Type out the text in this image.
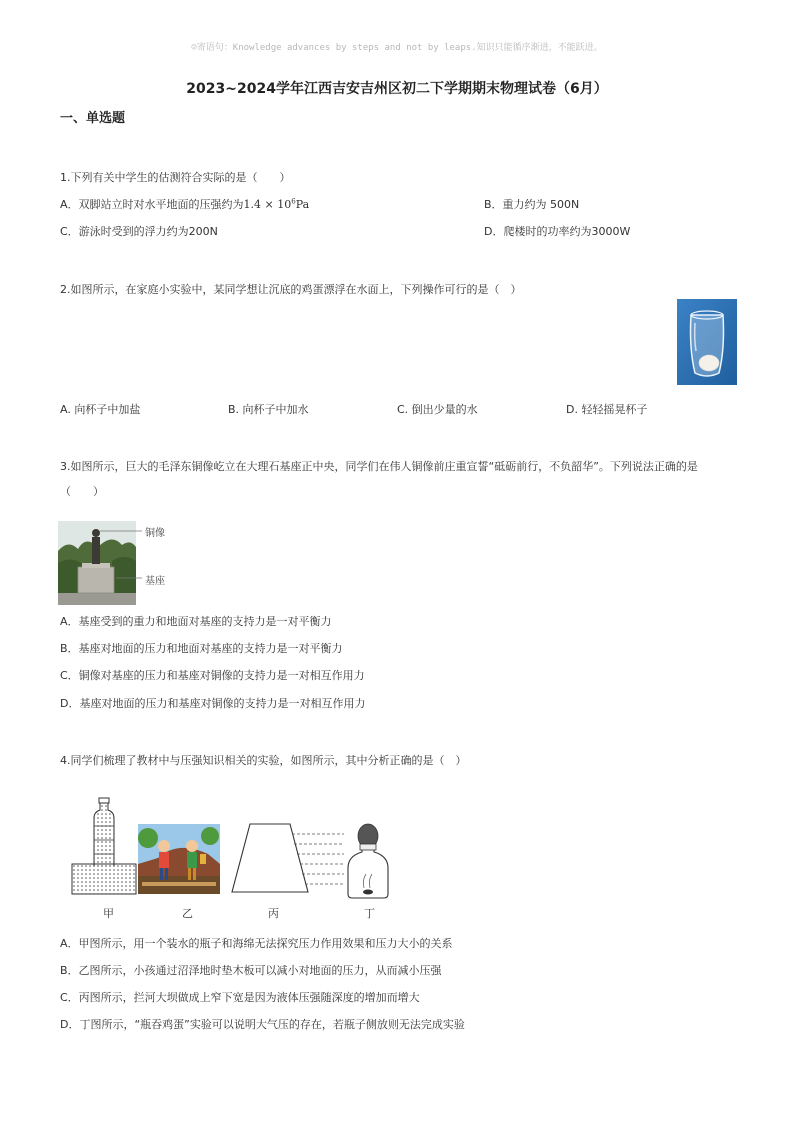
☺寄语句：Knowledge advances by steps and not by leaps.知识只能循序渐进，不能跃进。
2023~2024学年江西吉安吉州区初二下学期期末物理试卷（6月）
一、单选题
1.下列有关中学生的估测符合实际的是（　　）
A．双脚站立时对水平地面的压强约为$1.4 \times 10^6Pa$	B．重力约为 500N
C．游泳时受到的浮力约为200N	D．爬楼时的功率约为3000W
2.如图所示，在家庭小实验中，某同学想让沉底的鸡蛋漂浮在水面上，下列操作可行的是（　）
A. 向杯子中加盐	B. 向杯子中加水	C. 倒出少量的水	D. 轻轻摇晃杯子
3.如图所示，巨大的毛泽东铜像屹立在大理石基座正中央，同学们在伟人铜像前庄重宣誓“砥砺前行，不负韶华”。下列说法正确的是
（　　）
铜像
基座
A．基座受到的重力和地面对基座的支持力是一对平衡力
B．基座对地面的压力和地面对基座的支持力是一对平衡力
C．铜像对基座的压力和基座对铜像的支持力是一对相互作用力
D．基座对地面的压力和基座对铜像的支持力是一对相互作用力
4.同学们梳理了教材中与压强知识相关的实验，如图所示，其中分析正确的是（　）
甲	乙	丙	丁
A．甲图所示，用一个装水的瓶子和海绵无法探究压力作用效果和压力大小的关系
B．乙图所示，小孩通过沼泽地时垫木板可以减小对地面的压力，从而减小压强
C．丙图所示，拦河大坝做成上窄下宽是因为液体压强随深度的增加而增大
D．丁图所示，“瓶吞鸡蛋”实验可以说明大气压的存在，若瓶子侧放则无法完成实验
